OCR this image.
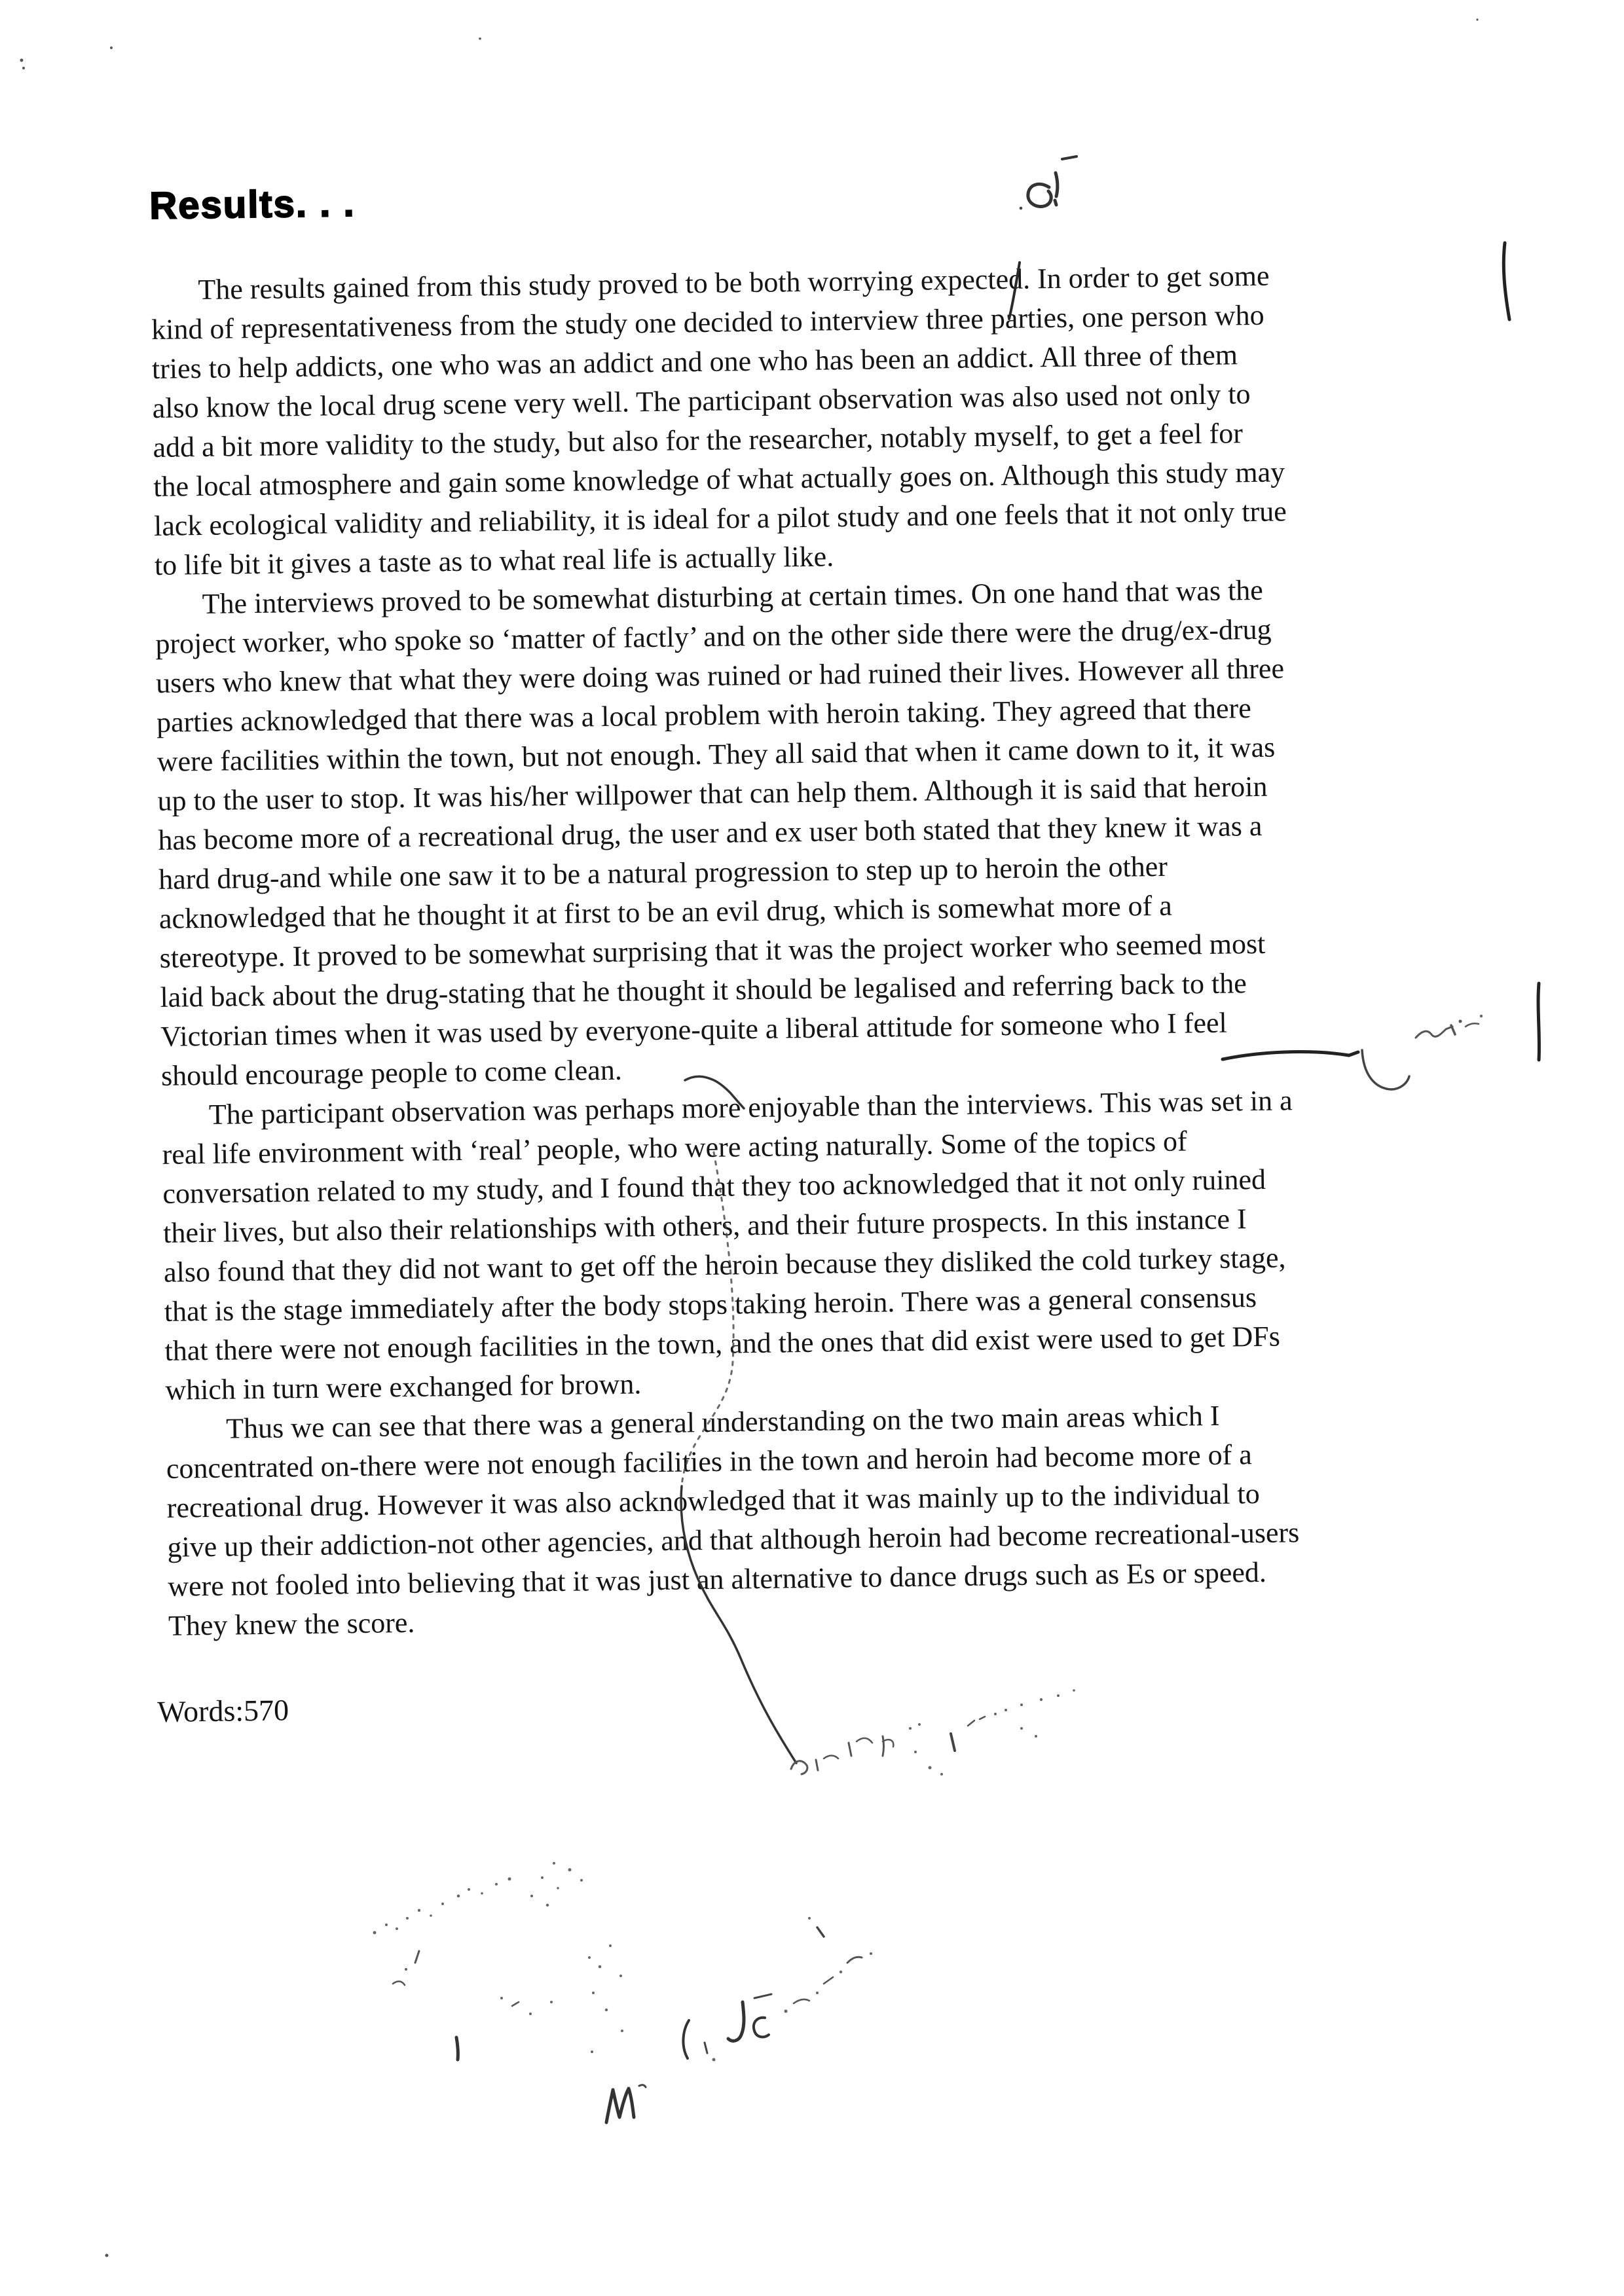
Results. . .
The results gained from this study proved to be both worrying expected. In order to get some
kind of representativeness from the study one decided to interview three parties, one person who
tries to help addicts, one who was an addict and one who has been an addict. All three of them
also know the local drug scene very well. The participant observation was also used not only to
add a bit more validity to the study, but also for the researcher, notably myself, to get a feel for
the local atmosphere and gain some knowledge of what actually goes on. Although this study may
lack ecological validity and reliability, it is ideal for a pilot study and one feels that it not only true
to life bit it gives a taste as to what real life is actually like.
The interviews proved to be somewhat disturbing at certain times. On one hand that was the
project worker, who spoke so ‘matter of factly’ and on the other side there were the drug/ex-drug
users who knew that what they were doing was ruined or had ruined their lives. However all three
parties acknowledged that there was a local problem with heroin taking. They agreed that there
were facilities within the town, but not enough. They all said that when it came down to it, it was
up to the user to stop. It was his/her willpower that can help them. Although it is said that heroin
has become more of a recreational drug, the user and ex user both stated that they knew it was a
hard drug-and while one saw it to be a natural progression to step up to heroin the other
acknowledged that he thought it at first to be an evil drug, which is somewhat more of a
stereotype. It proved to be somewhat surprising that it was the project worker who seemed most
laid back about the drug-stating that he thought it should be legalised and referring back to the
Victorian times when it was used by everyone-quite a liberal attitude for someone who I feel
should encourage people to come clean.
The participant observation was perhaps more enjoyable than the interviews. This was set in a
real life environment with ‘real’ people, who were acting naturally. Some of the topics of
conversation related to my study, and I found that they too acknowledged that it not only ruined
their lives, but also their relationships with others, and their future prospects. In this instance I
also found that they did not want to get off the heroin because they disliked the cold turkey stage,
that is the stage immediately after the body stops taking heroin. There was a general consensus
that there were not enough facilities in the town, and the ones that did exist were used to get DFs
which in turn were exchanged for brown.
Thus we can see that there was a general understanding on the two main areas which I
concentrated on-there were not enough facilities in the town and heroin had become more of a
recreational drug. However it was also acknowledged that it was mainly up to the individual to
give up their addiction-not other agencies, and that although heroin had become recreational-users
were not fooled into believing that it was just an alternative to dance drugs such as Es or speed.
They knew the score.
Words:570
